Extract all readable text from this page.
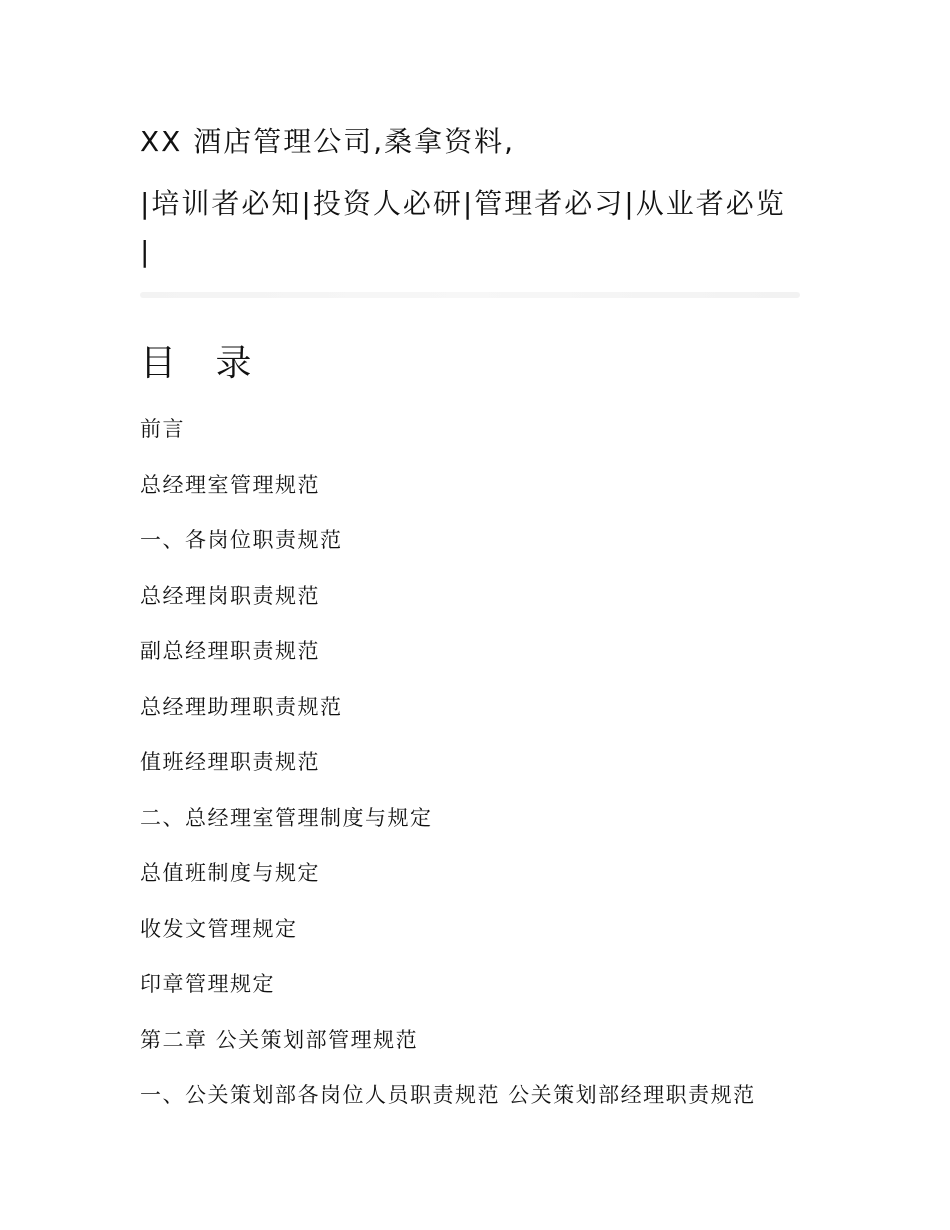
XX 酒店管理公司,桑拿资料,
|培训者必知|投资人必研|管理者必习|从业者必览
|
目 录
前言
总经理室管理规范
一、各岗位职责规范
总经理岗职责规范
副总经理职责规范
总经理助理职责规范
值班经理职责规范
二、总经理室管理制度与规定
总值班制度与规定
收发文管理规定
印章管理规定
第二章 公关策划部管理规范
一、公关策划部各岗位人员职责规范 公关策划部经理职责规范
